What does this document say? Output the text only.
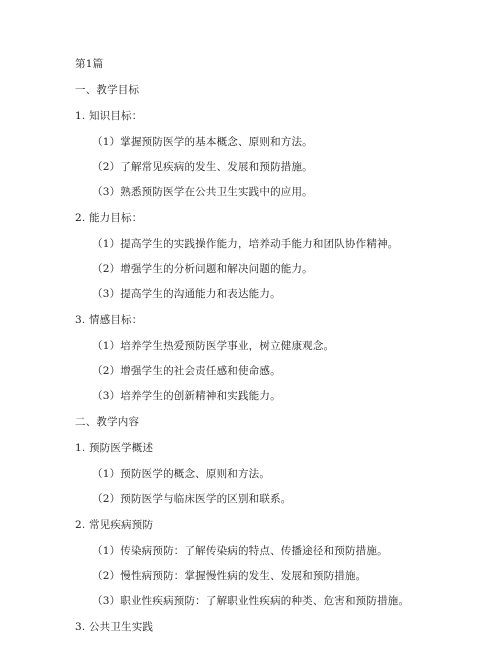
第1篇
一、教学目标
1. 知识目标：
（1）掌握预防医学的基本概念、原则和方法。
（2）了解常见疾病的发生、发展和预防措施。
（3）熟悉预防医学在公共卫生实践中的应用。
2. 能力目标：
（1）提高学生的实践操作能力，培养动手能力和团队协作精神。
（2）增强学生的分析问题和解决问题的能力。
（3）提高学生的沟通能力和表达能力。
3. 情感目标：
（1）培养学生热爱预防医学事业，树立健康观念。
（2）增强学生的社会责任感和使命感。
（3）培养学生的创新精神和实践能力。
二、教学内容
1. 预防医学概述
（1）预防医学的概念、原则和方法。
（2）预防医学与临床医学的区别和联系。
2. 常见疾病预防
（1）传染病预防：了解传染病的特点、传播途径和预防措施。
（2）慢性病预防：掌握慢性病的发生、发展和预防措施。
（3）职业性疾病预防：了解职业性疾病的种类、危害和预防措施。
3. 公共卫生实践
